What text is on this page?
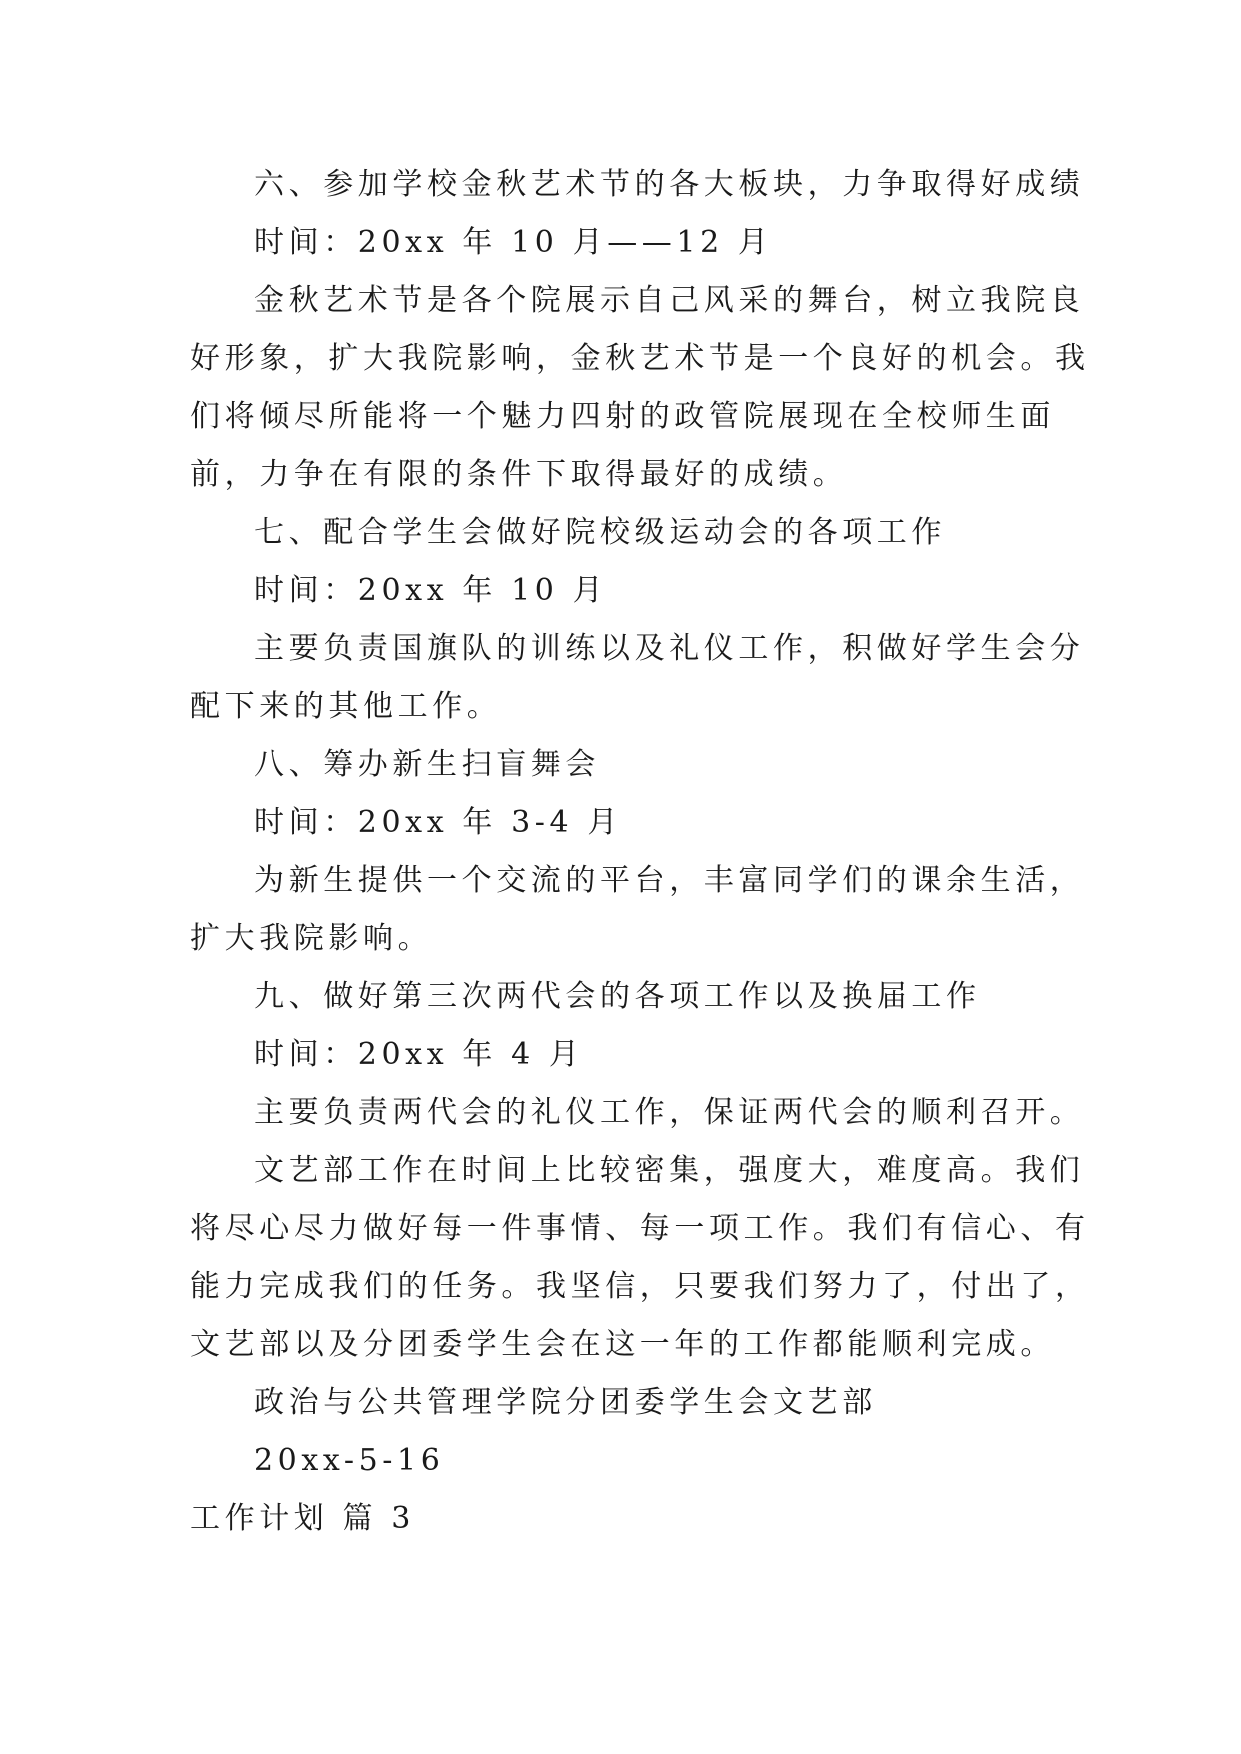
六、参加学校金秋艺术节的各大板块，力争取得好成绩
时间：20xx 年 10 月——12 月
金秋艺术节是各个院展示自己风采的舞台，树立我院良
好形象，扩大我院影响，金秋艺术节是一个良好的机会。我
们将倾尽所能将一个魅力四射的政管院展现在全校师生面
前，力争在有限的条件下取得最好的成绩。
七、配合学生会做好院校级运动会的各项工作
时间：20xx 年 10 月
主要负责国旗队的训练以及礼仪工作，积做好学生会分
配下来的其他工作。
八、筹办新生扫盲舞会
时间：20xx 年 3-4 月
为新生提供一个交流的平台，丰富同学们的课余生活，
扩大我院影响。
九、做好第三次两代会的各项工作以及换届工作
时间：20xx 年 4 月
主要负责两代会的礼仪工作，保证两代会的顺利召开。
文艺部工作在时间上比较密集，强度大，难度高。我们
将尽心尽力做好每一件事情、每一项工作。我们有信心、有
能力完成我们的任务。我坚信，只要我们努力了，付出了，
文艺部以及分团委学生会在这一年的工作都能顺利完成。
政治与公共管理学院分团委学生会文艺部
20xx-5-16
工作计划 篇 3
